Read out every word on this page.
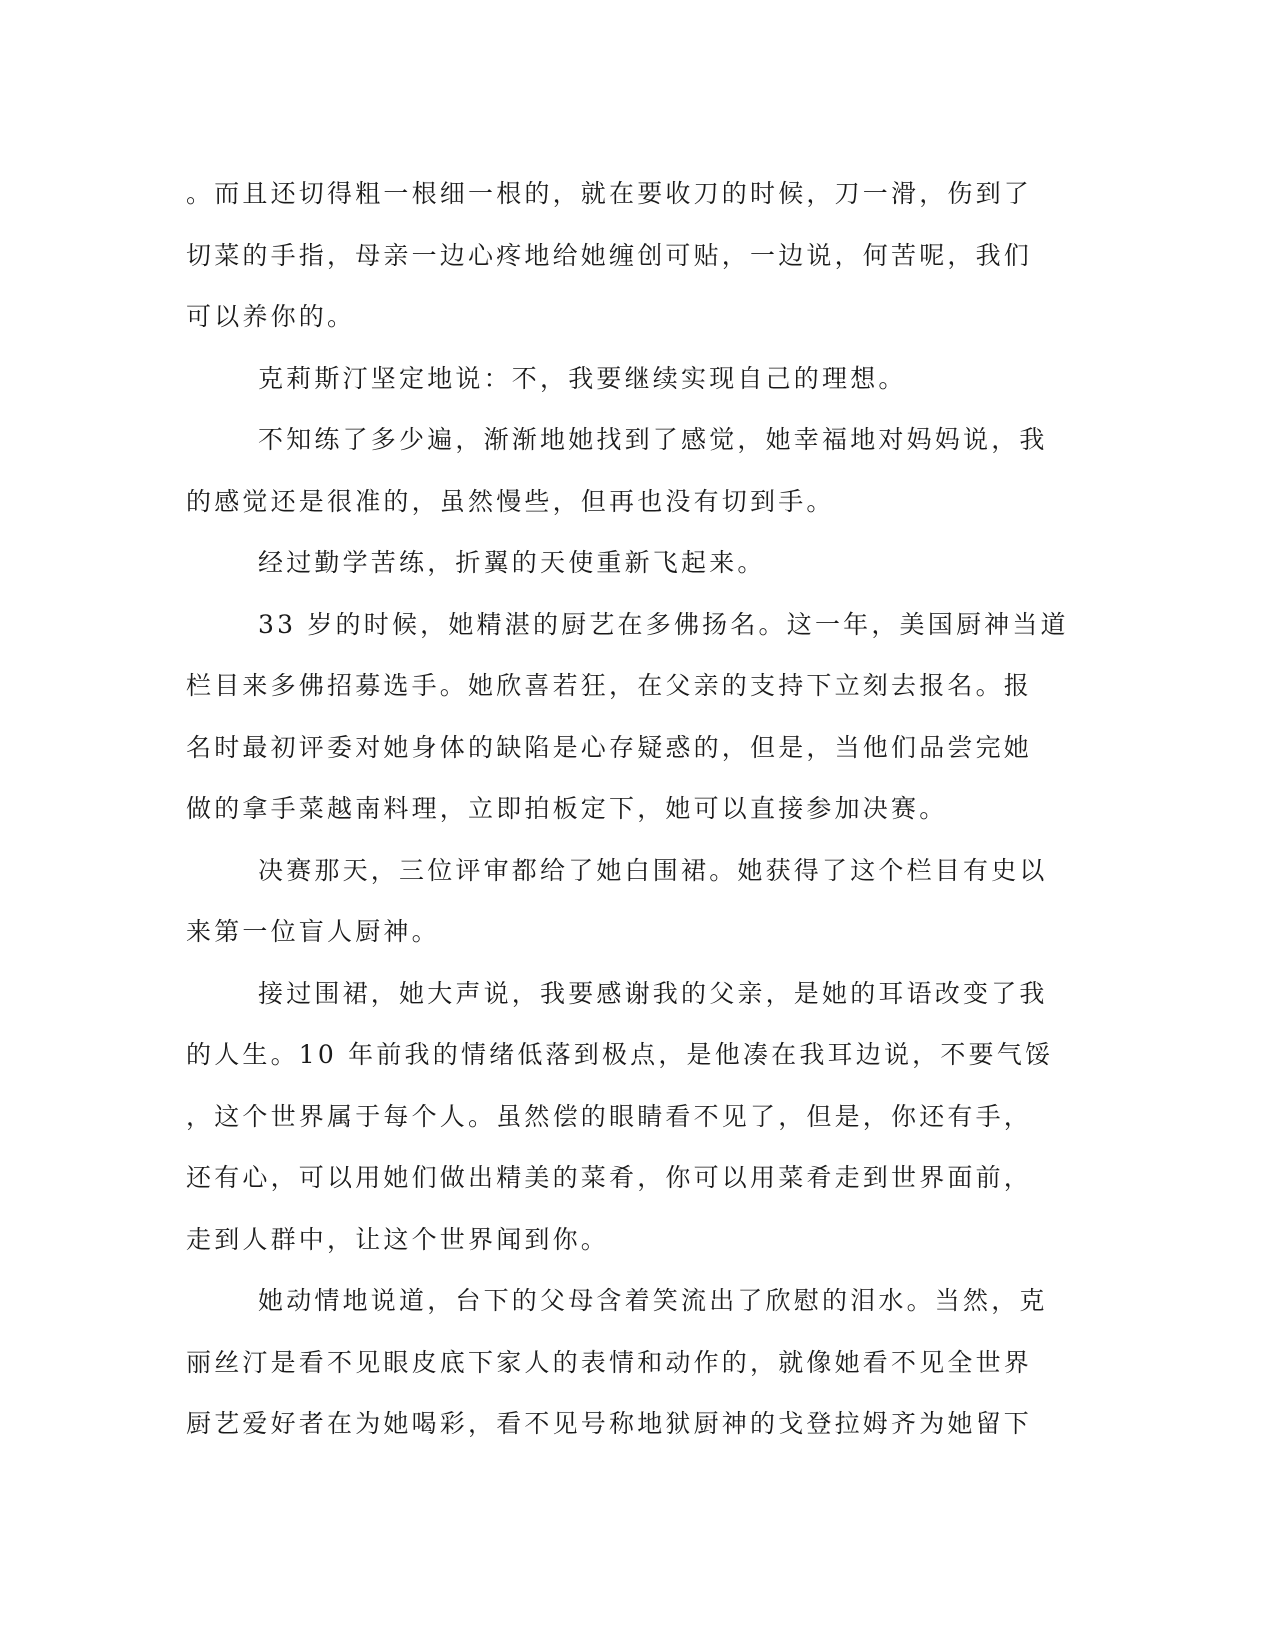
。而且还切得粗一根细一根的，就在要收刀的时候，刀一滑，伤到了
切菜的手指，母亲一边心疼地给她缠创可贴，一边说，何苦呢，我们
可以养你的。
克莉斯汀坚定地说：不，我要继续实现自己的理想。
不知练了多少遍，渐渐地她找到了感觉，她幸福地对妈妈说，我
的感觉还是很准的，虽然慢些，但再也没有切到手。
经过勤学苦练，折翼的天使重新飞起来。
33 岁的时候，她精湛的厨艺在多佛扬名。这一年，美国厨神当道
栏目来多佛招募选手。她欣喜若狂，在父亲的支持下立刻去报名。报
名时最初评委对她身体的缺陷是心存疑惑的，但是，当他们品尝完她
做的拿手菜越南料理，立即拍板定下，她可以直接参加决赛。
决赛那天，三位评审都给了她白围裙。她获得了这个栏目有史以
来第一位盲人厨神。
接过围裙，她大声说，我要感谢我的父亲，是她的耳语改变了我
的人生。10 年前我的情绪低落到极点，是他凑在我耳边说，不要气馁
，这个世界属于每个人。虽然偿的眼睛看不见了，但是，你还有手，
还有心，可以用她们做出精美的菜肴，你可以用菜肴走到世界面前，
走到人群中，让这个世界闻到你。
她动情地说道，台下的父母含着笑流出了欣慰的泪水。当然，克
丽丝汀是看不见眼皮底下家人的表情和动作的，就像她看不见全世界
厨艺爱好者在为她喝彩，看不见号称地狱厨神的戈登拉姆齐为她留下
